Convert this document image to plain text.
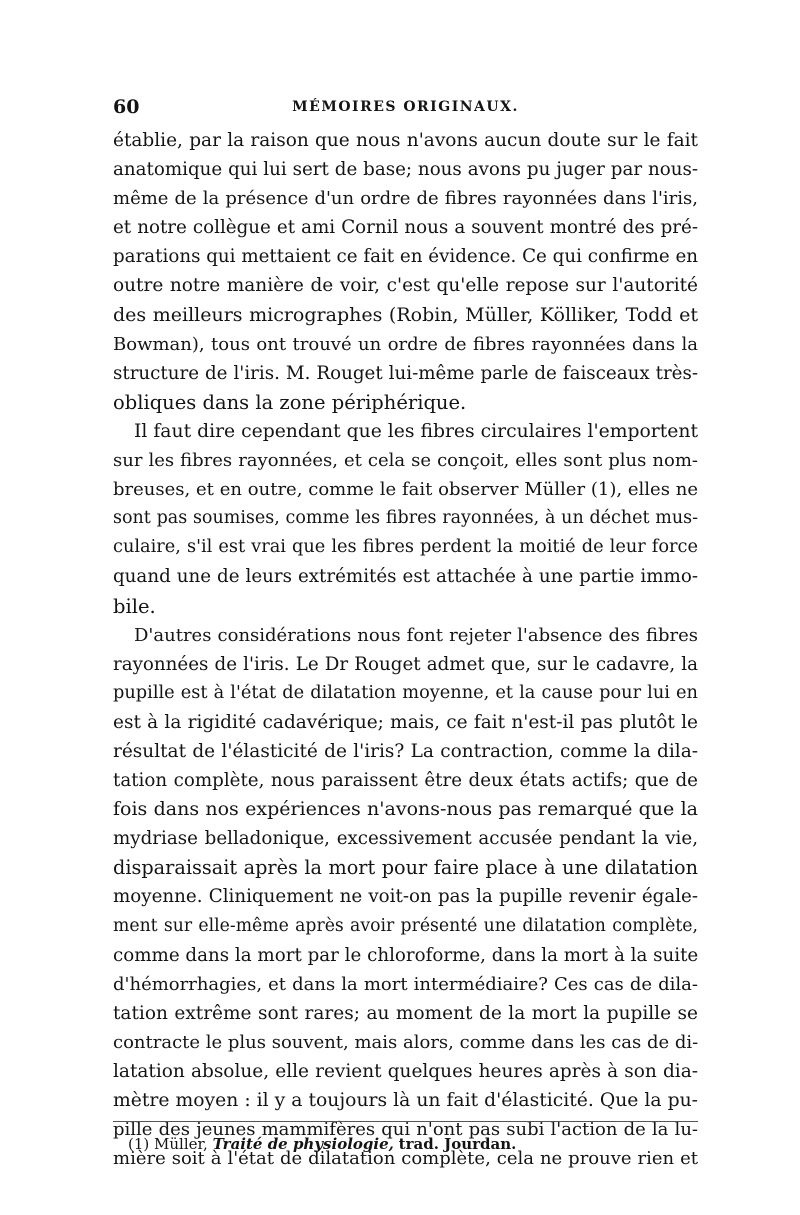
60	MÉMOIRES ORIGINAUX.
établie, par la raison que nous n'avons aucun doute sur le fait
anatomique qui lui sert de base; nous avons pu juger par nous-
même de la présence d'un ordre de fibres rayonnées dans l'iris,
et notre collègue et ami Cornil nous a souvent montré des pré-
parations qui mettaient ce fait en évidence. Ce qui confirme en
outre notre manière de voir, c'est qu'elle repose sur l'autorité
des meilleurs micrographes (Robin, Müller, Kölliker, Todd et
Bowman), tous ont trouvé un ordre de fibres rayonnées dans la
structure de l'iris. M. Rouget lui-même parle de faisceaux très-
obliques dans la zone périphérique.
Il faut dire cependant que les fibres circulaires l'emportent
sur les fibres rayonnées, et cela se conçoit, elles sont plus nom-
breuses, et en outre, comme le fait observer Müller (1), elles ne
sont pas soumises, comme les fibres rayonnées, à un déchet mus-
culaire, s'il est vrai que les fibres perdent la moitié de leur force
quand une de leurs extrémités est attachée à une partie immo-
bile.
D'autres considérations nous font rejeter l'absence des fibres
rayonnées de l'iris. Le Dr Rouget admet que, sur le cadavre, la
pupille est à l'état de dilatation moyenne, et la cause pour lui en
est à la rigidité cadavérique; mais, ce fait n'est-il pas plutôt le
résultat de l'élasticité de l'iris? La contraction, comme la dila-
tation complète, nous paraissent être deux états actifs; que de
fois dans nos expériences n'avons-nous pas remarqué que la
mydriase belladonique, excessivement accusée pendant la vie,
disparaissait après la mort pour faire place à une dilatation
moyenne. Cliniquement ne voit-on pas la pupille revenir égale-
ment sur elle-même après avoir présenté une dilatation complète,
comme dans la mort par le chloroforme, dans la mort à la suite
d'hémorrhagies, et dans la mort intermédiaire? Ces cas de dila-
tation extrême sont rares; au moment de la mort la pupille se
contracte le plus souvent, mais alors, comme dans les cas de di-
latation absolue, elle revient quelques heures après à son dia-
mètre moyen : il y a toujours là un fait d'élasticité. Que la pu-
pille des jeunes mammifères qui n'ont pas subi l'action de la lu-
mière soit à l'état de dilatation complète, cela ne prouve rien et
(1) Müller, Traité de physiologie, trad. Jourdan.
